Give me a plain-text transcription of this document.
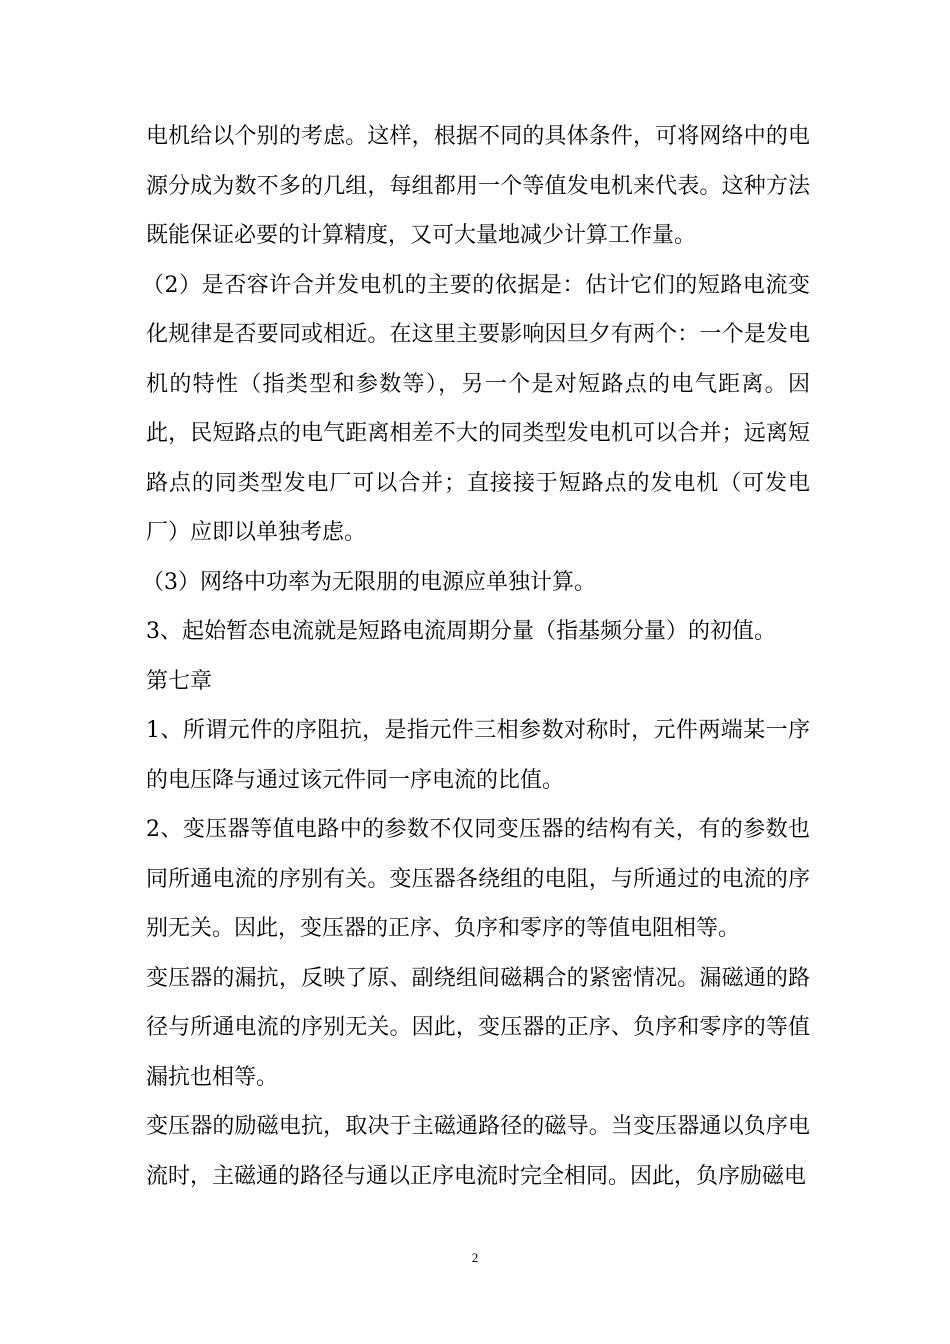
电机给以个别的考虑。这样，根据不同的具体条件，可将网络中的电源分成为数不多的几组，每组都用一个等值发电机来代表。这种方法既能保证必要的计算精度，又可大量地减少计算工作量。

（2）是否容许合并发电机的主要的依据是：估计它们的短路电流变化规律是否要同或相近。在这里主要影响因旦夕有两个：一个是发电机的特性（指类型和参数等），另一个是对短路点的电气距离。因此，民短路点的电气距离相差不大的同类型发电机可以合并；远离短路点的同类型发电厂可以合并；直接接于短路点的发电机（可发电厂）应即以单独考虑。

（3）网络中功率为无限朋的电源应单独计算。

3、起始暂态电流就是短路电流周期分量（指基频分量）的初值。

第七章

1、所谓元件的序阻抗，是指元件三相参数对称时，元件两端某一序的电压降与通过该元件同一序电流的比值。

2、变压器等值电路中的参数不仅同变压器的结构有关，有的参数也同所通电流的序别有关。变压器各绕组的电阻，与所通过的电流的序别无关。因此，变压器的正序、负序和零序的等值电阻相等。

变压器的漏抗，反映了原、副绕组间磁耦合的紧密情况。漏磁通的路径与所通电流的序别无关。因此，变压器的正序、负序和零序的等值漏抗也相等。

变压器的励磁电抗，取决于主磁通路径的磁导。当变压器通以负序电流时，主磁通的路径与通以正序电流时完全相同。因此，负序励磁电

2
